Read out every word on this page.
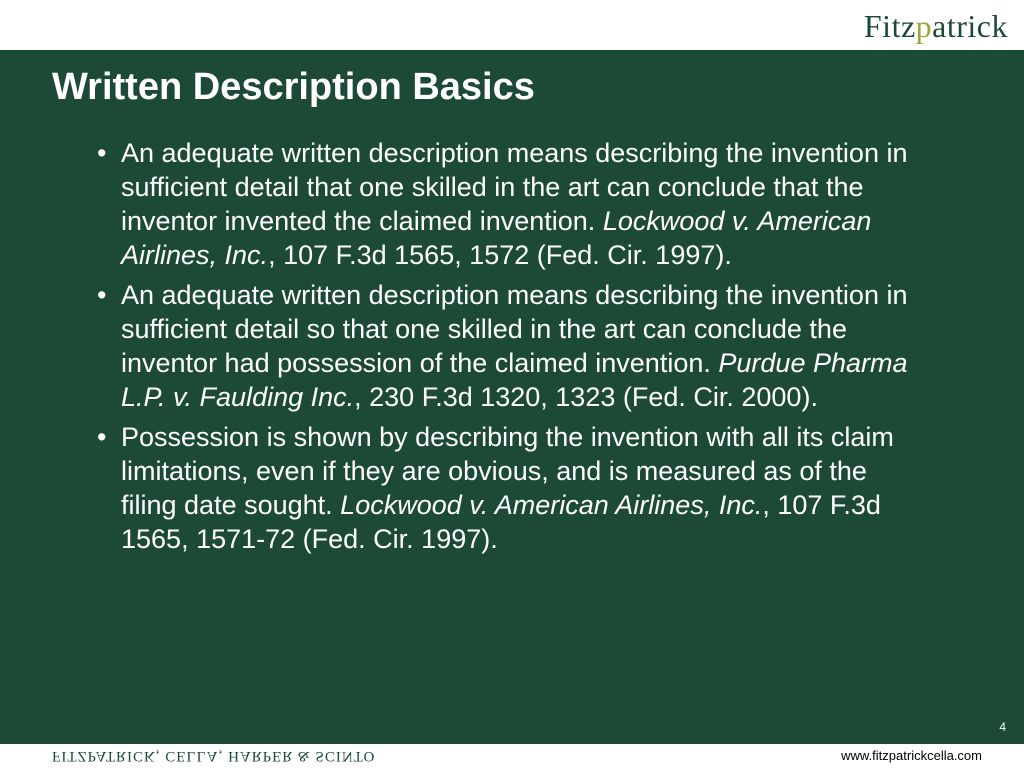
Fitzpatrick
Written Description Basics
• An adequate written description means describing the invention in sufficient detail that one skilled in the art can conclude that the inventor invented the claimed invention. Lockwood v. American Airlines, Inc., 107 F.3d 1565, 1572 (Fed. Cir. 1997).
• An adequate written description means describing the invention in sufficient detail so that one skilled in the art can conclude the inventor had possession of the claimed invention. Purdue Pharma L.P. v. Faulding Inc., 230 F.3d 1320, 1323 (Fed. Cir. 2000).
• Possession is shown by describing the invention with all its claim limitations, even if they are obvious, and is measured as of the filing date sought. Lockwood v. American Airlines, Inc., 107 F.3d 1565, 1571-72 (Fed. Cir. 1997).
4
FITZPATRICK, CELLA, HARPER & SCINTO	www.fitzpatrickcella.com
